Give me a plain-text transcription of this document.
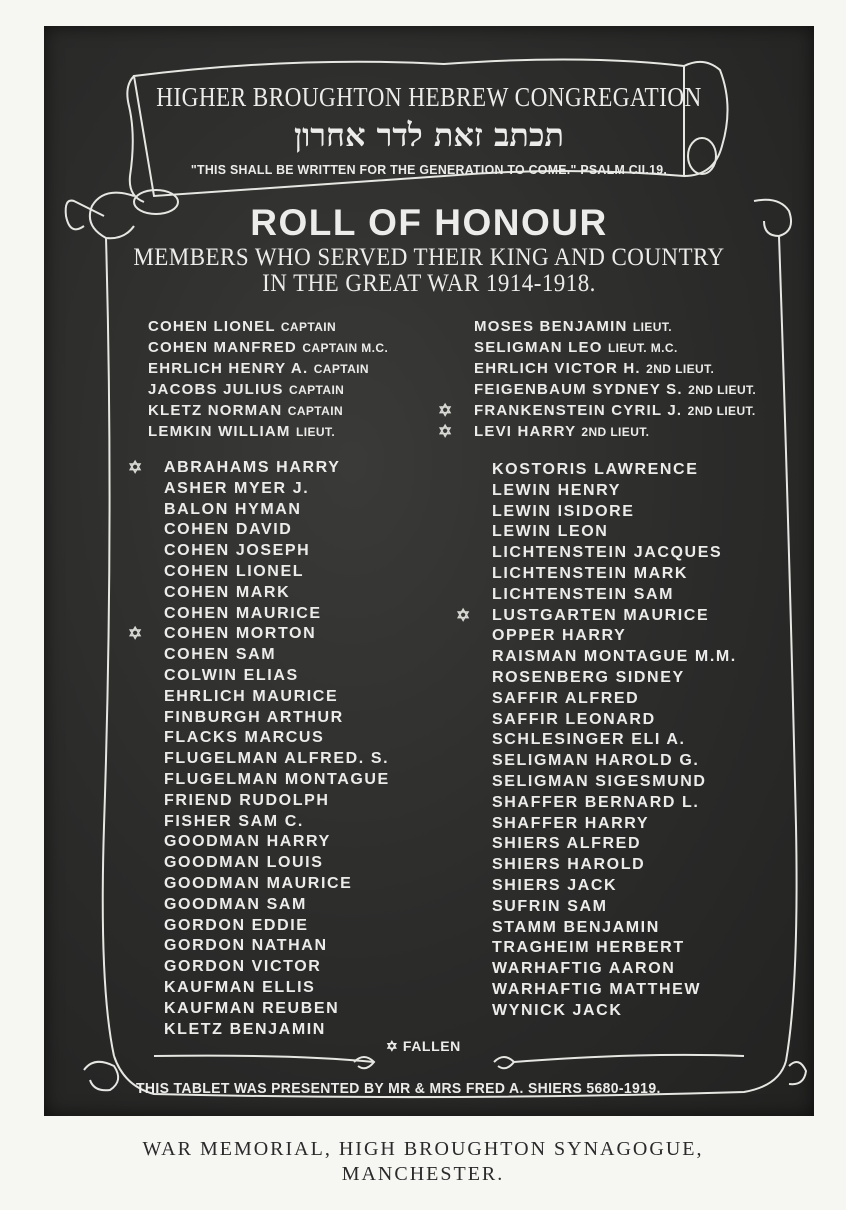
HIGHER BROUGHTON HEBREW CONGREGATION
תכתב זאת לדר אחרון
"THIS SHALL BE WRITTEN FOR THE GENERATION TO COME." PSALM CII.19.
ROLL OF HONOUR
MEMBERS WHO SERVED THEIR KING AND COUNTRY
IN THE GREAT WAR 1914-1918.
COHEN LIONEL CAPTAIN
COHEN MANFRED CAPTAIN M.C.
EHRLICH HENRY A. CAPTAIN
JACOBS JULIUS CAPTAIN
KLETZ NORMAN CAPTAIN
LEMKIN WILLIAM LIEUT.
MOSES BENJAMIN LIEUT.
SELIGMAN LEO LIEUT. M.C.
EHRLICH VICTOR H. 2ND LIEUT.
FEIGENBAUM SYDNEY S. 2ND LIEUT.
✡ FRANKENSTEIN CYRIL J. 2ND LIEUT.
✡ LEVI HARRY 2ND LIEUT.
✡ ABRAHAMS HARRY
ASHER MYER J.
BALON HYMAN
COHEN DAVID
COHEN JOSEPH
COHEN LIONEL
COHEN MARK
COHEN MAURICE
✡ COHEN MORTON
COHEN SAM
COLWIN ELIAS
EHRLICH MAURICE
FINBURGH ARTHUR
FLACKS MARCUS
FLUGELMAN ALFRED. S.
FLUGELMAN MONTAGUE
FRIEND RUDOLPH
FISHER SAM C.
GOODMAN HARRY
GOODMAN LOUIS
GOODMAN MAURICE
GOODMAN SAM
GORDON EDDIE
GORDON NATHAN
GORDON VICTOR
KAUFMAN ELLIS
KAUFMAN REUBEN
KLETZ BENJAMIN
KOSTORIS LAWRENCE
LEWIN HENRY
LEWIN ISIDORE
LEWIN LEON
LICHTENSTEIN JACQUES
LICHTENSTEIN MARK
LICHTENSTEIN SAM
✡ LUSTGARTEN MAURICE
OPPER HARRY
RAISMAN MONTAGUE M.M.
ROSENBERG SIDNEY
SAFFIR ALFRED
SAFFIR LEONARD
SCHLESINGER ELI A.
SELIGMAN HAROLD G.
SELIGMAN SIGESMUND
SHAFFER BERNARD L.
SHAFFER HARRY
SHIERS ALFRED
SHIERS HAROLD
SHIERS JACK
SUFRIN SAM
STAMM BENJAMIN
TRAGHEIM HERBERT
WARHAFTIG AARON
WARHAFTIG MATTHEW
WYNICK JACK
✡ FALLEN
THIS TABLET WAS PRESENTED BY MR & MRS FRED A. SHIERS 5680-1919.
WAR MEMORIAL, HIGH BROUGHTON SYNAGOGUE,
MANCHESTER.
